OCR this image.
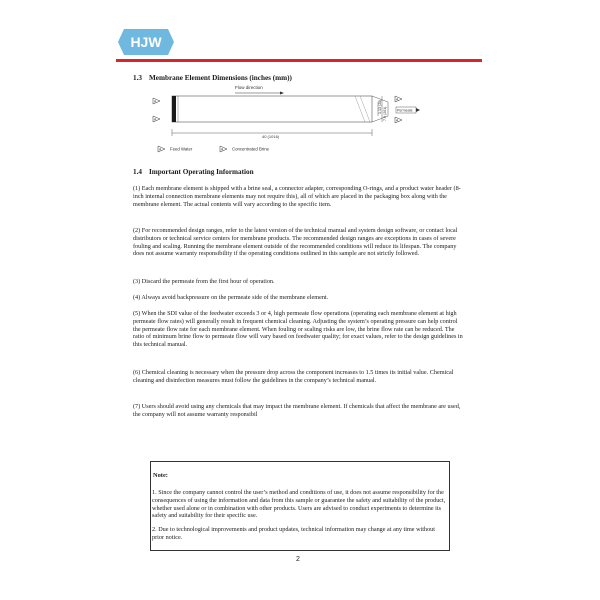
HJW
1.3 Membrane Element Dimensions (inches (mm))
Flow direction
7.9 (201)
1.13 (28)	Permeate
A
A
A
A
40 (1016)
A Feed Water	A Concentrated Brine
1.4 Important Operating Information
(1) Each membrane element is shipped with a brine seal, a connector adapter, corresponding O-rings, and a product water header (8-inch internal connection membrane elements may not require this), all of which are placed in the packaging box along with the membrane element. The actual contents will vary according to the specific item.
(2) For recommended design ranges, refer to the latest version of the technical manual and system design software, or contact local distributors or technical service centers for membrane products. The recommended design ranges are exceptions in cases of severe fouling and scaling. Running the membrane element outside of the recommended conditions will reduce its lifespan. The company does not assume warranty responsibility if the operating conditions outlined in this sample are not strictly followed.
(3) Discard the permeate from the first hour of operation.
(4) Always avoid backpressure on the permeate side of the membrane element.
(5) When the SDI value of the feedwater exceeds 3 or 4, high permeate flow operations (operating each membrane element at high permeate flow rates) will generally result in frequent chemical cleaning. Adjusting the system’s operating pressure can help control the permeate flow rate for each membrane element. When fouling or scaling risks are low, the brine flow rate can be reduced. The ratio of minimum brine flow to permeate flow will vary based on feedwater quality; for exact values, refer to the design guidelines in this technical manual.
(6) Chemical cleaning is necessary when the pressure drop across the component increases to 1.5 times its initial value. Chemical cleaning and disinfection measures must follow the guidelines in the company’s technical manual.
(7) Users should avoid using any chemicals that may impact the membrane element. If chemicals that affect the membrane are used, the company will not assume warranty responsibil
Note:
1. Since the company cannot control the user’s method and conditions of use, it does not assume responsibility for the consequences of using the information and data from this sample or guarantee the safety and suitability of the product, whether used alone or in combination with other products. Users are advised to conduct experiments to determine its safety and suitability for their specific use.
2. Due to technological improvements and product updates, technical information may change at any time without prior notice.
2
